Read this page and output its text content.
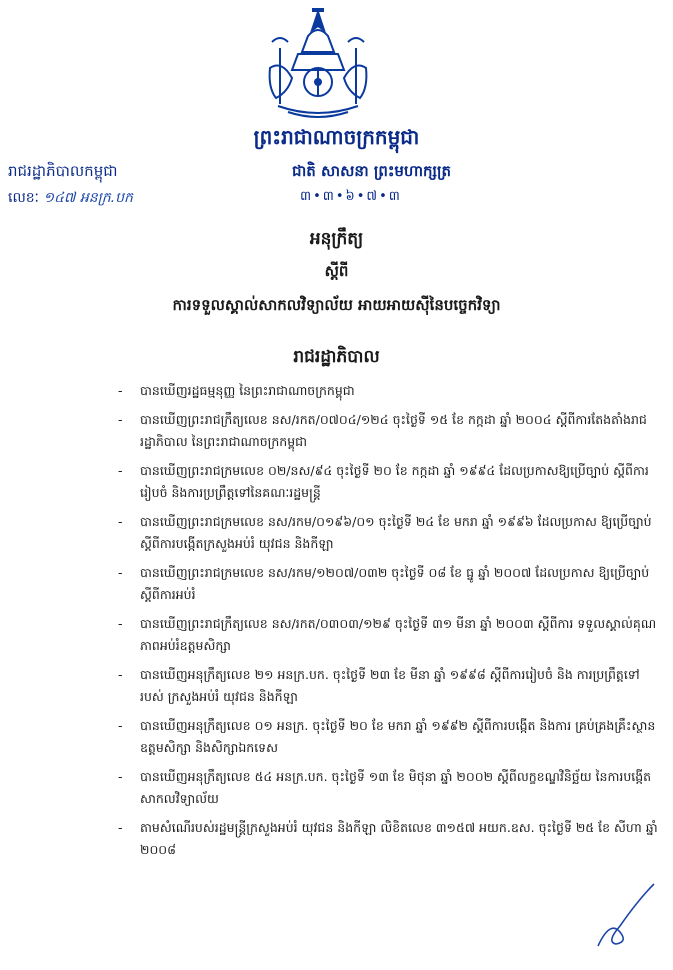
ព្រះរាជាណាចក្រកម្ពុជា
រាជរដ្ឋាភិបាលកម្ពុជា	ជាតិ សាសនា ព្រះមហាក្សត្រ
លេខៈ ១៤៧ អនក្រ.បក	៣•៣•៦•៧•៣
អនុក្រឹត្យ
ស្តីពី
ការទទួលស្គាល់សាកលវិទ្យាល័យ អាយអាយស៊ីនៃបច្ចេកវិទ្យា
រាជរដ្ឋាភិបាល
- បានឃើញរដ្ឋធម្មនុញ្ញ នៃព្រះរាជាណាចក្រកម្ពុជា
- បានឃើញព្រះរាជក្រឹត្យលេខ នស/រកត/០៧០៤/១២៤ ចុះថ្ងៃទី ១៥ ខែ កក្កដា ឆ្នាំ ២០០៤ ស្តីពីការតែងតាំងរាជរដ្ឋាភិបាល នៃព្រះរាជាណាចក្រកម្ពុជា
- បានឃើញព្រះរាជក្រមលេខ ០២/នស/៩៤ ចុះថ្ងៃទី ២០ ខែ កក្កដា ឆ្នាំ ១៩៩៤ ដែលប្រកាសឱ្យប្រើច្បាប់ ស្តីពីការរៀបចំ និងការប្រព្រឹត្តទៅនៃគណៈរដ្ឋមន្ត្រី
- បានឃើញព្រះរាជក្រមលេខ នស/រកម/០១៩៦/០១ ចុះថ្ងៃទី ២៤ ខែ មករា ឆ្នាំ ១៩៩៦ ដែលប្រកាស ឱ្យប្រើច្បាប់ ស្តីពីការបង្កើតក្រសួងអប់រំ យុវជន និងកីឡា
- បានឃើញព្រះរាជក្រមលេខ នស/រកម/១២០៧/០៣២ ចុះថ្ងៃទី ០៨ ខែ ធ្នូ ឆ្នាំ ២០០៧ ដែលប្រកាស ឱ្យប្រើច្បាប់ ស្តីពីការអប់រំ
- បានឃើញព្រះរាជក្រឹត្យលេខ នស/រកត/០៣០៣/១២៩ ចុះថ្ងៃទី ៣១ មីនា ឆ្នាំ ២០០៣ ស្តីពីការ ទទួលស្គាល់គុណភាពអប់រំឧត្តមសិក្សា
- បានឃើញអនុក្រឹត្យលេខ ២១ អនក្រ.បក. ចុះថ្ងៃទី ២៣ ខែ មីនា ឆ្នាំ ១៩៩៨ ស្តីពីការរៀបចំ និង ការប្រព្រឹត្តទៅរបស់ ក្រសួងអប់រំ យុវជន និងកីឡា
- បានឃើញអនុក្រឹត្យលេខ ០១ អនក្រ. ចុះថ្ងៃទី ២០ ខែ មករា ឆ្នាំ ១៩៩២ ស្តីពីការបង្កើត និងការ គ្រប់គ្រងគ្រឹះស្ថានឧត្តមសិក្សា និងសិក្សាឯកទេស
- បានឃើញអនុក្រឹត្យលេខ ៥៤ អនក្រ.បក. ចុះថ្ងៃទី ១៣ ខែ មិថុនា ឆ្នាំ ២០០២ ស្តីពីលក្ខខណ្ឌវិនិច្ឆ័យ នៃការបង្កើតសាកលវិទ្យាល័យ
- តាមសំណើរបស់រដ្ឋមន្ត្រីក្រសួងអប់រំ យុវជន និងកីឡា លិខិតលេខ ៣១៥៧ អយក.ឧស. ចុះថ្ងៃទី ២៥ ខែ សីហា ឆ្នាំ ២០០៨
